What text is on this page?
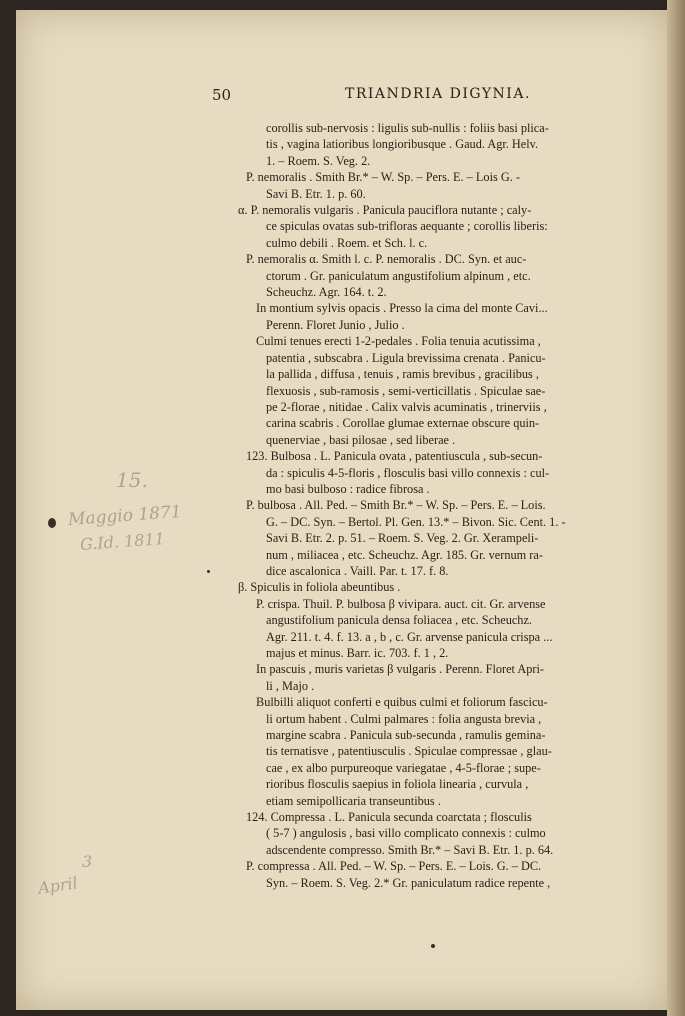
50	TRIANDRIA DIGYNIA.
corollis sub-nervosis : ligulis sub-nullis : foliis basi plica-
tis , vagina latioribus longioribusque . Gaud. Agr. Helv.
1. – Roem. S. Veg. 2.
P. nemoralis . Smith Br.* – W. Sp. – Pers. E. – Lois G. -
Savi B. Etr. 1. p. 60.
α. P. nemoralis vulgaris . Panicula pauciflora nutante ; caly-
ce spiculas ovatas sub-trifloras aequante ; corollis liberis:
culmo debili . Roem. et Sch. l. c.
P. nemoralis α. Smith l. c. P. nemoralis . DC. Syn. et auc-
ctorum . Gr. paniculatum angustifolium alpinum , etc.
Scheuchz. Agr. 164. t. 2.
In montium sylvis opacis . Presso la cima del monte Cavi...
Perenn. Floret Junio , Julio .
Culmi tenues erecti 1-2-pedales . Folia tenuia acutissima ,
patentia , subscabra . Ligula brevissima crenata . Panicu-
la pallida , diffusa , tenuis , ramis brevibus , gracilibus ,
flexuosis , sub-ramosis , semi-verticillatis . Spiculae sae-
pe 2-florae , nitidae . Calix valvis acuminatis , trinerviis ,
carina scabris . Corollae glumae externae obscure quin-
quenerviae , basi pilosae , sed liberae .
123. Bulbosa . L. Panicula ovata , patentiuscula , sub-secun-
da : spiculis 4-5-floris , flosculis basi villo connexis : cul-
mo basi bulboso : radice fibrosa .
P. bulbosa . All. Ped. – Smith Br.* – W. Sp. – Pers. E. – Lois.
G. – DC. Syn. – Bertol. Pl. Gen. 13.* – Bivon. Sic. Cent. 1. -
Savi B. Etr. 2. p. 51. – Roem. S. Veg. 2. Gr. Xerampeli-
num , miliacea , etc. Scheuchz. Agr. 185. Gr. vernum ra-
dice ascalonica . Vaill. Par. t. 17. f. 8.
β. Spiculis in foliola abeuntibus .
P. crispa. Thuil. P. bulbosa β vivipara. auct. cit. Gr. arvense
angustifolium panicula densa foliacea , etc. Scheuchz.
Agr. 211. t. 4. f. 13. a , b , c. Gr. arvense panicula crispa ...
majus et minus. Barr. ic. 703. f. 1 , 2.
In pascuis , muris varietas β vulgaris . Perenn. Floret Apri-
li , Majo .
Bulbilli aliquot conferti e quibus culmi et foliorum fascicu-
li ortum habent . Culmi palmares : folia angusta brevia ,
margine scabra . Panicula sub-secunda , ramulis gemina-
tis ternatisve , patentiusculis . Spiculae compressae , glau-
cae , ex albo purpureoque variegatae , 4-5-florae ; supe-
rioribus flosculis saepius in foliola linearia , curvula ,
etiam semipollicaria transeuntibus .
124. Compressa . L. Panicula secunda coarctata ; flosculis
( 5-7 ) angulosis , basi villo complicato connexis : culmo
adscendente compresso. Smith Br.* – Savi B. Etr. 1. p. 64.
P. compressa . All. Ped. – W. Sp. – Pers. E. – Lois. G. – DC.
Syn. – Roem. S. Veg. 2.* Gr. paniculatum radice repente ,
15.
Maggio 1871
G.Id. 1811
3
April
